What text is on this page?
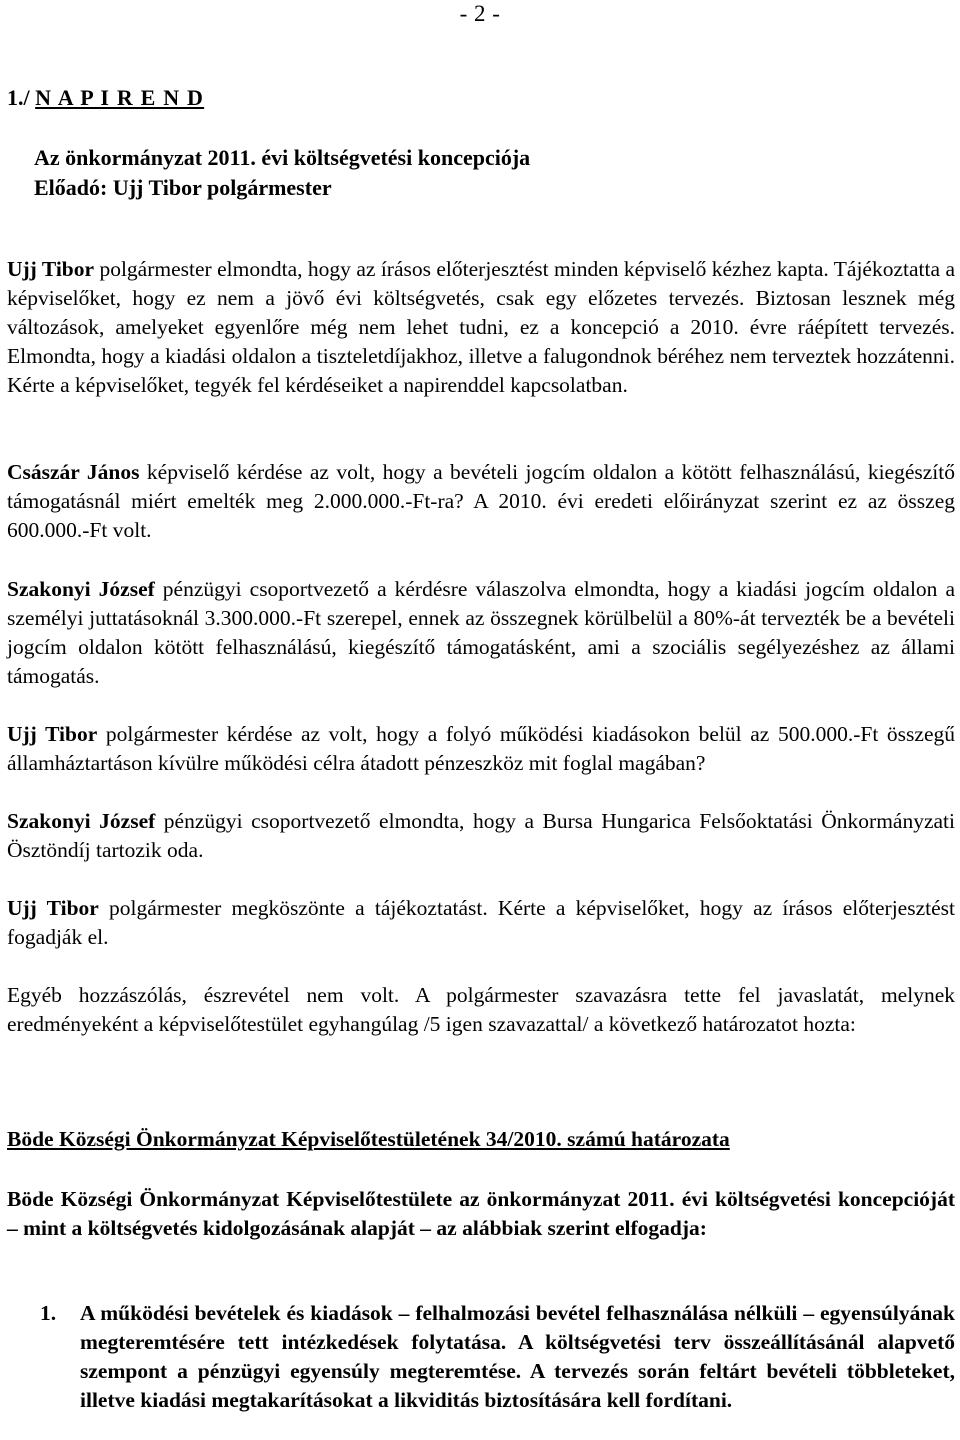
- 2 -
1./ N A P I R E N D
Az önkormányzat 2011. évi költségvetési koncepciója
Előadó: Ujj Tibor polgármester
Ujj Tibor polgármester elmondta, hogy az írásos előterjesztést minden képviselő kézhez kapta. Tájékoztatta a képviselőket, hogy ez nem a jövő évi költségvetés, csak egy előzetes tervezés. Biztosan lesznek még változások, amelyeket egyenlőre még nem lehet tudni, ez a koncepció a 2010. évre ráépített tervezés. Elmondta, hogy a kiadási oldalon a tiszteletdíjakhoz, illetve a falugondnok béréhez nem terveztek hozzátenni. Kérte a képviselőket, tegyék fel kérdéseiket a napirenddel kapcsolatban.
Császár János képviselő kérdése az volt, hogy a bevételi jogcím oldalon a kötött felhasználású, kiegészítő támogatásnál miért emelték meg 2.000.000.-Ft-ra? A 2010. évi eredeti előirányzat szerint ez az összeg 600.000.-Ft volt.
Szakonyi József pénzügyi csoportvezető a kérdésre válaszolva elmondta, hogy a kiadási jogcím oldalon a személyi juttatásoknál 3.300.000.-Ft szerepel, ennek az összegnek körülbelül a 80%-át tervezték be a bevételi jogcím oldalon kötött felhasználású, kiegészítő támogatásként, ami a szociális segélyezéshez az állami támogatás.
Ujj Tibor polgármester kérdése az volt, hogy a folyó működési kiadásokon belül az 500.000.-Ft összegű államháztartáson kívülre működési célra átadott pénzeszköz mit foglal magában?
Szakonyi József pénzügyi csoportvezető elmondta, hogy a Bursa Hungarica Felsőoktatási Önkormányzati Ösztöndíj tartozik oda.
Ujj Tibor polgármester megköszönte a tájékoztatást. Kérte a képviselőket, hogy az írásos előterjesztést fogadják el.
Egyéb hozzászólás, észrevétel nem volt. A polgármester szavazásra tette fel javaslatát, melynek eredményeként a képviselőtestület egyhangúlag /5 igen szavazattal/ a következő határozatot hozta:
Böde Községi Önkormányzat Képviselőtestületének 34/2010. számú határozata
Böde Községi Önkormányzat Képviselőtestülete az önkormányzat 2011. évi költségvetési koncepcióját – mint a költségvetés kidolgozásának alapját – az alábbiak szerint elfogadja:
1. A működési bevételek és kiadások – felhalmozási bevétel felhasználása nélküli – egyensúlyának megteremtésére tett intézkedések folytatása. A költségvetési terv összeállításánál alapvető szempont a pénzügyi egyensúly megteremtése. A tervezés során feltárt bevételi többleteket, illetve kiadási megtakarításokat a likviditás biztosítására kell fordítani.
